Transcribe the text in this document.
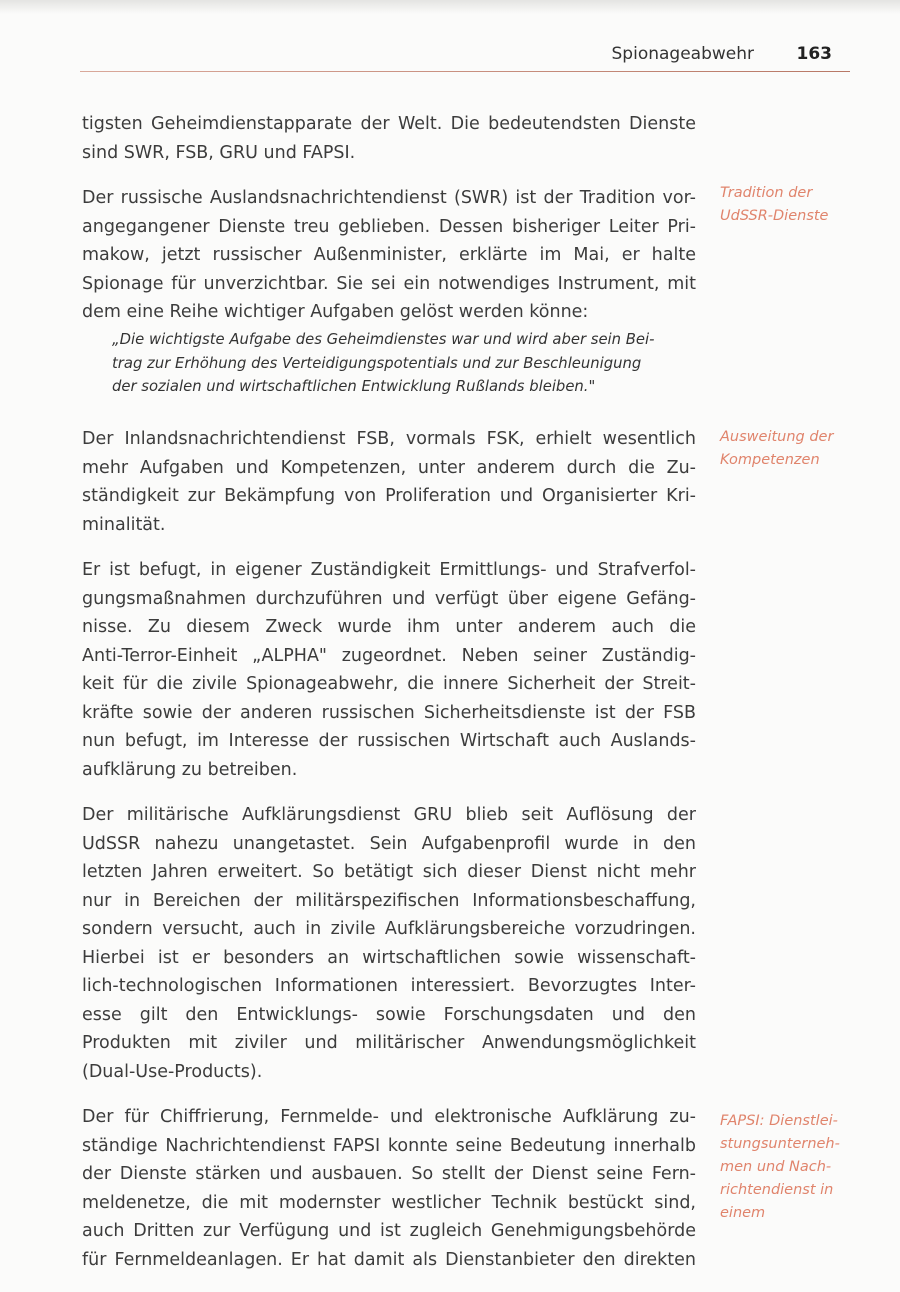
Spionageabwehr	163

tigsten Geheimdienstapparate der Welt. Die bedeutendsten Dienste
sind SWR, FSB, GRU und FAPSI.

Der russische Auslandsnachrichtendienst (SWR) ist der Tradition vor-
angegangener Dienste treu geblieben. Dessen bisheriger Leiter Pri-
makow, jetzt russischer Außenminister, erklärte im Mai, er halte
Spionage für unverzichtbar. Sie sei ein notwendiges Instrument, mit
dem eine Reihe wichtiger Aufgaben gelöst werden könne:

„Die wichtigste Aufgabe des Geheimdienstes war und wird aber sein Bei-
trag zur Erhöhung des Verteidigungspotentials und zur Beschleunigung
der sozialen und wirtschaftlichen Entwicklung Rußlands bleiben."

Der Inlandsnachrichtendienst FSB, vormals FSK, erhielt wesentlich
mehr Aufgaben und Kompetenzen, unter anderem durch die Zu-
ständigkeit zur Bekämpfung von Proliferation und Organisierter Kri-
minalität.

Er ist befugt, in eigener Zuständigkeit Ermittlungs- und Strafverfol-
gungsmaßnahmen durchzuführen und verfügt über eigene Gefäng-
nisse. Zu diesem Zweck wurde ihm unter anderem auch die
Anti-Terror-Einheit „ALPHA" zugeordnet. Neben seiner Zuständig-
keit für die zivile Spionageabwehr, die innere Sicherheit der Streit-
kräfte sowie der anderen russischen Sicherheitsdienste ist der FSB
nun befugt, im Interesse der russischen Wirtschaft auch Auslands-
aufklärung zu betreiben.

Der militärische Aufklärungsdienst GRU blieb seit Auflösung der
UdSSR nahezu unangetastet. Sein Aufgabenprofil wurde in den
letzten Jahren erweitert. So betätigt sich dieser Dienst nicht mehr
nur in Bereichen der militärspezifischen Informationsbeschaffung,
sondern versucht, auch in zivile Aufklärungsbereiche vorzudringen.
Hierbei ist er besonders an wirtschaftlichen sowie wissenschaft-
lich-technologischen Informationen interessiert. Bevorzugtes Inter-
esse gilt den Entwicklungs- sowie Forschungsdaten und den
Produkten mit ziviler und militärischer Anwendungsmöglichkeit
(Dual-Use-Products).

Der für Chiffrierung, Fernmelde- und elektronische Aufklärung zu-
ständige Nachrichtendienst FAPSI konnte seine Bedeutung innerhalb
der Dienste stärken und ausbauen. So stellt der Dienst seine Fern-
meldenetze, die mit modernster westlicher Technik bestückt sind,
auch Dritten zur Verfügung und ist zugleich Genehmigungsbehörde
für Fernmeldeanlagen. Er hat damit als Dienstanbieter den direkten

Tradition der
UdSSR-Dienste
Ausweitung der
Kompetenzen
FAPSI: Dienstlei-
stungsunterneh-
men und Nach-
richtendienst in
einem
